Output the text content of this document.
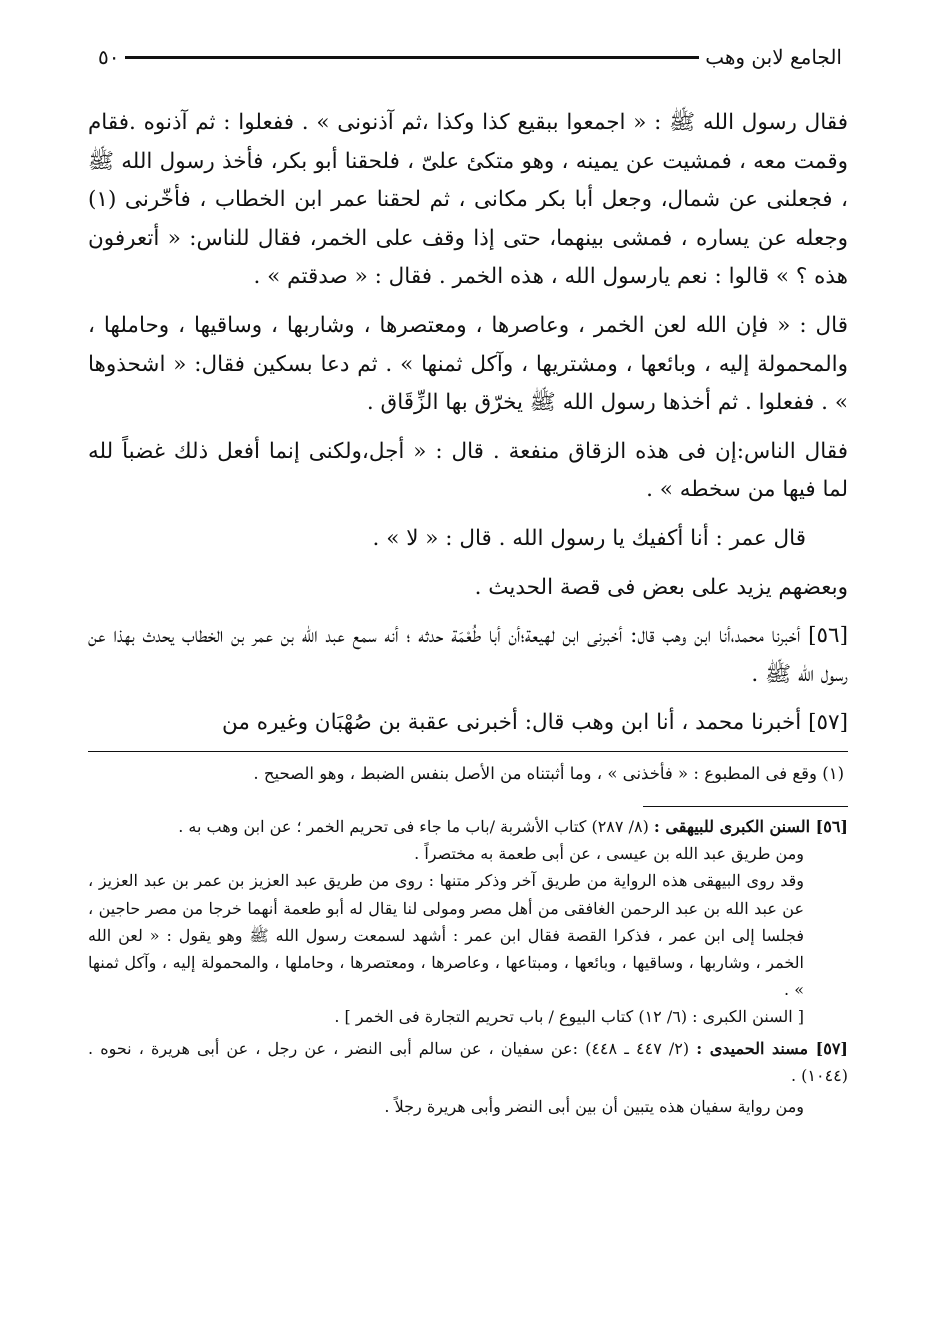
الجامع لابن وهب
٥٠

فقال رسول الله ﷺ : « اجمعوا ببقيع كذا وكذا ،ثم آذنونى » . ففعلوا : ثم آذنوه .فقام وقمت معه ، فمشيت عن يمينه ، وهو متكئ علىّ ، فلحقنا أبو بكر، فأخذ رسول الله ﷺ ، فجعلنى عن شمال، وجعل أبا بكر مكانى ، ثم لحقنا عمر ابن الخطاب ، فأخّرنى (١) وجعله عن يساره ، فمشى بينهما، حتى إذا وقف على الخمر، فقال للناس: « أتعرفون هذه ؟ » قالوا : نعم يارسول الله ، هذه الخمر . فقال : « صدقتم » .

قال : « فإن الله لعن الخمر ، وعاصرها ، ومعتصرها ، وشاربها ، وساقيها ، وحاملها ، والمحمولة إليه ، وبائعها ، ومشتريها ، وآكل ثمنها » . ثم دعا بسكين فقال: « اشحذوها » . ففعلوا . ثم أخذها رسول الله ﷺ يخرّق بها الزِّقَاق .

فقال الناس:إن فى هذه الزقاق منفعة . قال : « أجل،ولكنى إنما أفعل ذلك غضباً لله لما فيها من سخطه » .

قال عمر : أنا أكفيك يا رسول الله . قال : « لا » .

وبعضهم يزيد على بعض فى قصة الحديث .

[٥٦] أخبرنا محمد،أنا ابن وهب قال: أخبرنى ابن لهيعة؛أن أبا طُعْمَة حدثه ؛ أنه سمع عبد الله بن عمر بن الخطاب يحدث بهذا عن رسول الله ﷺ .

[٥٧] أخبرنا محمد ، أنا ابن وهب قال: أخبرنى عقبة بن صُهْبَان وغيره من

(١) وقع فى المطبوع : « فأخذنى » ، وما أثبتناه من الأصل بنفس الضبط ، وهو الصحيح .

[٥٦] السنن الكبرى للبيهقى : (٨/ ٢٨٧) كتاب الأشربة /باب ما جاء فى تحريم الخمر ؛ عن ابن وهب به .

ومن طريق عبد الله بن عيسى ، عن أبى طعمة به مختصراً .

وقد روى البيهقى هذه الرواية من طريق آخر وذكر متنها : روى من طريق عبد العزيز بن عمر بن عبد العزيز ، عن عبد الله بن عبد الرحمن الغافقى من أهل مصر ومولى لنا يقال له أبو طعمة أنهما خرجا من مصر حاجين ، فجلسا إلى ابن عمر ، فذكرا القصة فقال ابن عمر : أشهد لسمعت رسول الله ﷺ وهو يقول : « لعن الله الخمر ، وشاربها ، وساقيها ، وبائعها ، ومبتاعها ، وعاصرها ، ومعتصرها ، وحاملها ، والمحمولة إليه ، وآكل ثمنها » .

[ السنن الكبرى : (٦/ ١٢) كتاب البيوع / باب تحريم التجارة فى الخمر ] .

[٥٧] مسند الحميدى : (٢/ ٤٤٧ ـ ٤٤٨) :عن سفيان ، عن سالم أبى النضر ، عن رجل ، عن أبى هريرة ، نحوه . (١٠٤٤) .

ومن رواية سفيان هذه يتبين أن بين أبى النضر وأبى هريرة رجلاً .
